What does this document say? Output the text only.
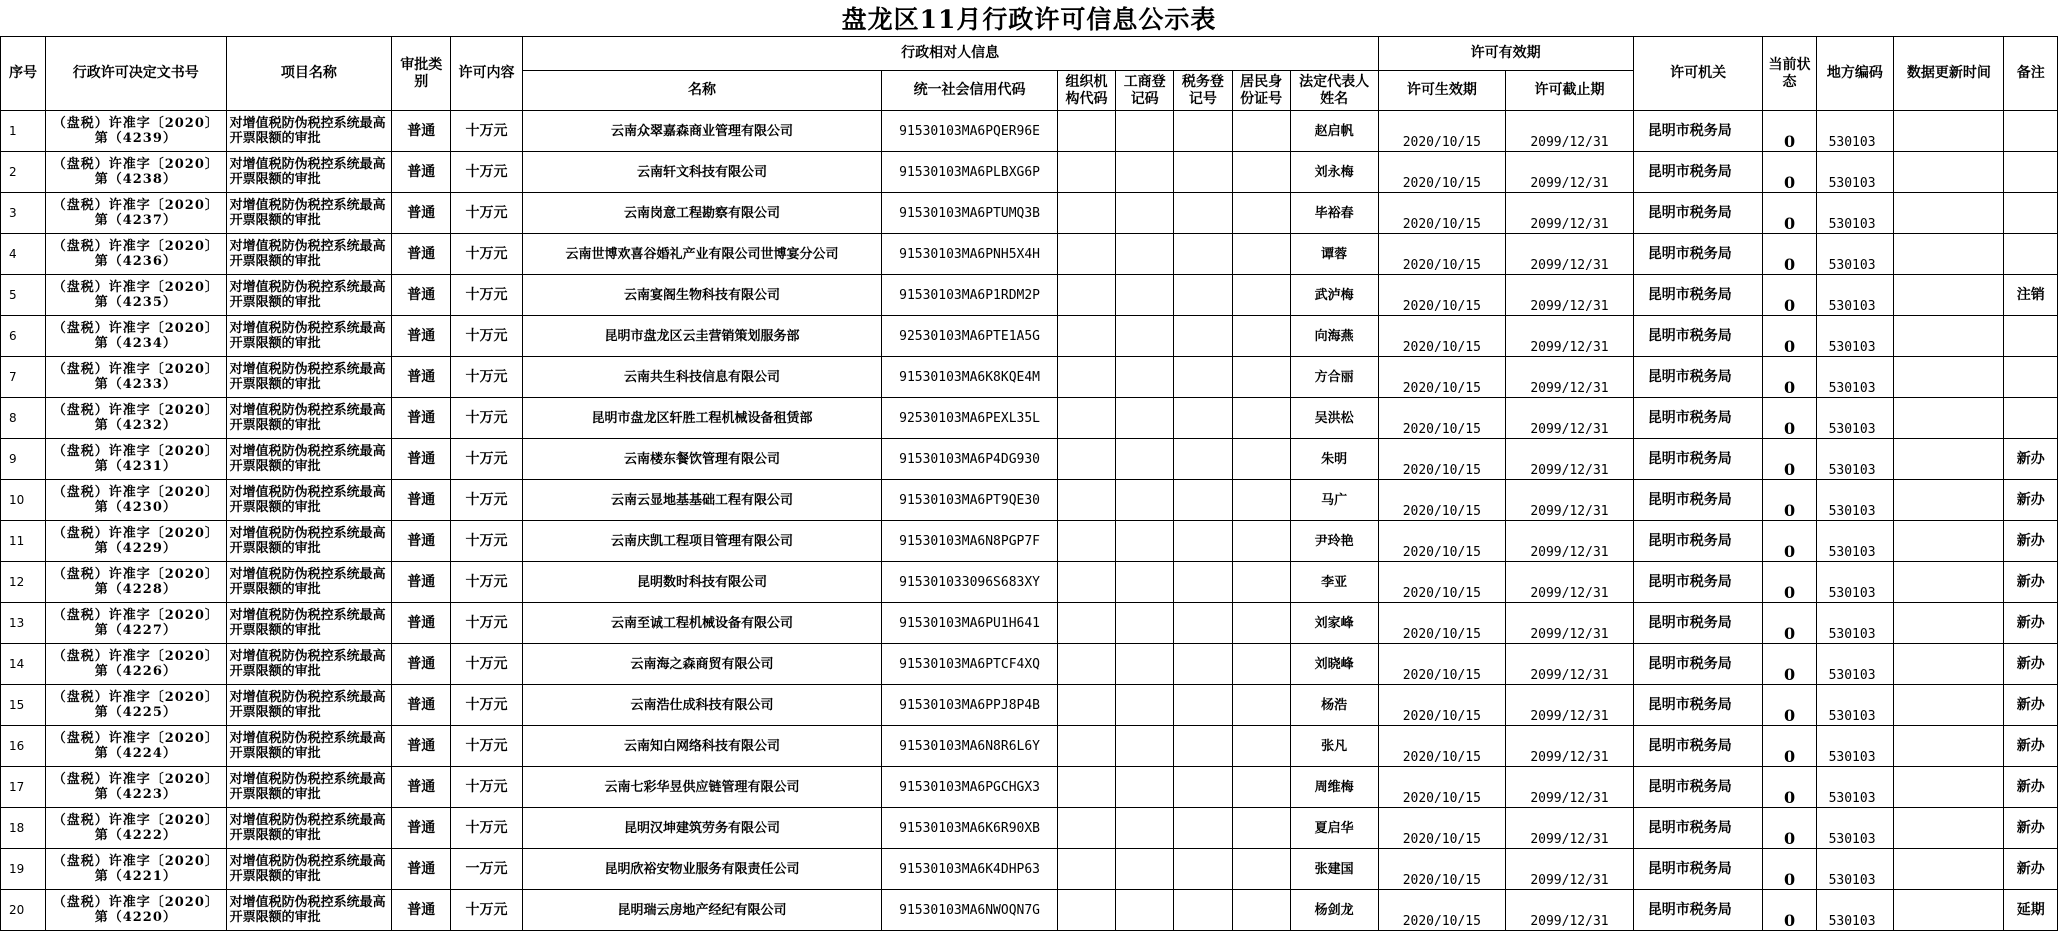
盘龙区11月行政许可信息公示表																		
序号	行政许可决定文书号	项目名称	审批类别	许可内容	行政相对人信息							许可有效期		许可机关	当前状态	地方编码	数据更新时间	备注
					名称	统一社会信用代码	组织机构代码	工商登记码	税务登记号	居民身份证号	法定代表人姓名	许可生效期	许可截止期					
1	（盘税）许准字〔2020〕第（4239）	对增值税防伪税控系统最高开票限额的审批	普通	十万元	云南众翠嘉森商业管理有限公司	91530103MA6PQER96E					赵启帆	2020/10/15	2099/12/31	昆明市税务局	0	530103		
2	（盘税）许准字〔2020〕第（4238）	对增值税防伪税控系统最高开票限额的审批	普通	十万元	云南轩文科技有限公司	91530103MA6PLBXG6P					刘永梅	2020/10/15	2099/12/31	昆明市税务局	0	530103		
3	（盘税）许准字〔2020〕第（4237）	对增值税防伪税控系统最高开票限额的审批	普通	十万元	云南岗意工程勘察有限公司	91530103MA6PTUMQ3B					毕裕春	2020/10/15	2099/12/31	昆明市税务局	0	530103		
4	（盘税）许准字〔2020〕第（4236）	对增值税防伪税控系统最高开票限额的审批	普通	十万元	云南世博欢喜谷婚礼产业有限公司世博宴分公司	91530103MA6PNH5X4H					谭蓉	2020/10/15	2099/12/31	昆明市税务局	0	530103		
5	（盘税）许准字〔2020〕第（4235）	对增值税防伪税控系统最高开票限额的审批	普通	十万元	云南宴阁生物科技有限公司	91530103MA6P1RDM2P					武泸梅	2020/10/15	2099/12/31	昆明市税务局	0	530103		注销
6	（盘税）许准字〔2020〕第（4234）	对增值税防伪税控系统最高开票限额的审批	普通	十万元	昆明市盘龙区云圭营销策划服务部	92530103MA6PTE1A5G					向海燕	2020/10/15	2099/12/31	昆明市税务局	0	530103		
7	（盘税）许准字〔2020〕第（4233）	对增值税防伪税控系统最高开票限额的审批	普通	十万元	云南共生科技信息有限公司	91530103MA6K8KQE4M					方合丽	2020/10/15	2099/12/31	昆明市税务局	0	530103		
8	（盘税）许准字〔2020〕第（4232）	对增值税防伪税控系统最高开票限额的审批	普通	十万元	昆明市盘龙区轩胜工程机械设备租赁部	92530103MA6PEXL35L					吴洪松	2020/10/15	2099/12/31	昆明市税务局	0	530103		
9	（盘税）许准字〔2020〕第（4231）	对增值税防伪税控系统最高开票限额的审批	普通	十万元	云南楼东餐饮管理有限公司	91530103MA6P4DG930					朱明	2020/10/15	2099/12/31	昆明市税务局	0	530103		新办
10	（盘税）许准字〔2020〕第（4230）	对增值税防伪税控系统最高开票限额的审批	普通	十万元	云南云显地基基础工程有限公司	91530103MA6PT9QE30					马广	2020/10/15	2099/12/31	昆明市税务局	0	530103		新办
11	（盘税）许准字〔2020〕第（4229）	对增值税防伪税控系统最高开票限额的审批	普通	十万元	云南庆凯工程项目管理有限公司	91530103MA6N8PGP7F					尹玲艳	2020/10/15	2099/12/31	昆明市税务局	0	530103		新办
12	（盘税）许准字〔2020〕第（4228）	对增值税防伪税控系统最高开票限额的审批	普通	十万元	昆明数时科技有限公司	915301033096S683XY					李亚	2020/10/15	2099/12/31	昆明市税务局	0	530103		新办
13	（盘税）许准字〔2020〕第（4227）	对增值税防伪税控系统最高开票限额的审批	普通	十万元	云南至诚工程机械设备有限公司	91530103MA6PU1H641					刘家峰	2020/10/15	2099/12/31	昆明市税务局	0	530103		新办
14	（盘税）许准字〔2020〕第（4226）	对增值税防伪税控系统最高开票限额的审批	普通	十万元	云南海之森商贸有限公司	91530103MA6PTCF4XQ					刘晓峰	2020/10/15	2099/12/31	昆明市税务局	0	530103		新办
15	（盘税）许准字〔2020〕第（4225）	对增值税防伪税控系统最高开票限额的审批	普通	十万元	云南浩仕成科技有限公司	91530103MA6PPJ8P4B					杨浩	2020/10/15	2099/12/31	昆明市税务局	0	530103		新办
16	（盘税）许准字〔2020〕第（4224）	对增值税防伪税控系统最高开票限额的审批	普通	十万元	云南知白网络科技有限公司	91530103MA6N8R6L6Y					张凡	2020/10/15	2099/12/31	昆明市税务局	0	530103		新办
17	（盘税）许准字〔2020〕第（4223）	对增值税防伪税控系统最高开票限额的审批	普通	十万元	云南七彩华昱供应链管理有限公司	91530103MA6PGCHGX3					周维梅	2020/10/15	2099/12/31	昆明市税务局	0	530103		新办
18	（盘税）许准字〔2020〕第（4222）	对增值税防伪税控系统最高开票限额的审批	普通	十万元	昆明汉坤建筑劳务有限公司	91530103MA6K6R90XB					夏启华	2020/10/15	2099/12/31	昆明市税务局	0	530103		新办
19	（盘税）许准字〔2020〕第（4221）	对增值税防伪税控系统最高开票限额的审批	普通	一万元	昆明欣裕安物业服务有限责任公司	91530103MA6K4DHP63					张建国	2020/10/15	2099/12/31	昆明市税务局	0	530103		新办
20	（盘税）许准字〔2020〕第（4220）	对增值税防伪税控系统最高开票限额的审批	普通	十万元	昆明瑞云房地产经纪有限公司	91530103MA6NWOQN7G					杨剑龙	2020/10/15	2099/12/31	昆明市税务局	0	530103		延期
